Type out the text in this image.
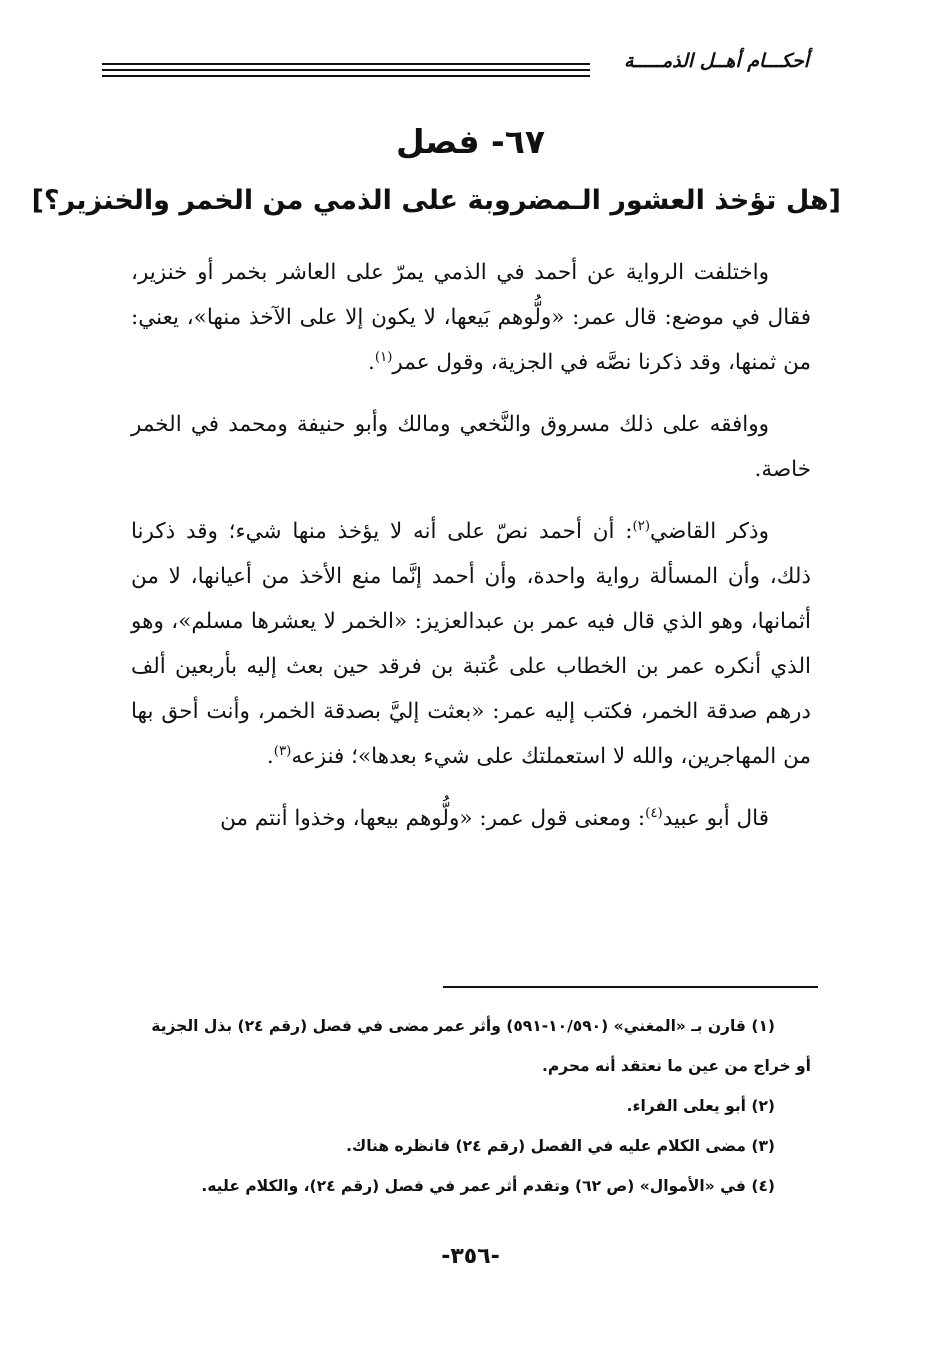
أحكـــام أهــل الذمـــــة
٦٧- فصل
[هل تؤخذ العشور الـمضروبة على الذمي من الخمر والخنزير؟]

واختلفت الرواية عن أحمد في الذمي يمرّ على العاشر بخمر أو خنزير، فقال في موضع: قال عمر: «ولُّوهم بَيعها، لا يكون إلا على الآخذ منها»، يعني: من ثمنها، وقد ذكرنا نصَّه في الجزية، وقول عمر$^{(١)}$.

ووافقه على ذلك مسروق والنَّخعي ومالك وأبو حنيفة ومحمد في الخمر خاصة.

وذكر القاضي$^{(٢)}$: أن أحمد نصّ على أنه لا يؤخذ منها شيء؛ وقد ذكرنا ذلك، وأن المسألة رواية واحدة، وأن أحمد إنَّما منع الأخذ من أعيانها، لا من أثمانها، وهو الذي قال فيه عمر بن عبدالعزيز: «الخمر لا يعشرها مسلم»، وهو الذي أنكره عمر بن الخطاب على عُتبة بن فرقد حين بعث إليه بأربعين ألف درهم صدقة الخمر، فكتب إليه عمر: «بعثت إليَّ بصدقة الخمر، وأنت أحق بها من المهاجرين، والله لا استعملتك على شيء بعدها»؛ فنزعه$^{(٣)}$.

قال أبو عبيد$^{(٤)}$: ومعنى قول عمر: «ولُّوهم بيعها، وخذوا أنتم من

(١) قارن بـ «المغني» (١٠/٥٩٠-٥٩١) وأثر عمر مضى في فصل (رقم ٢٤) بذل الجزية أو خراج من عين ما نعتقد أنه محرم.

(٢) أبو يعلى الفراء.

(٣) مضى الكلام عليه في الفصل (رقم ٢٤) فانظره هناك.

(٤) في «الأموال» (ص ٦٢) وتقدم أثر عمر في فصل (رقم ٢٤)، والكلام عليه.

-٣٥٦-
